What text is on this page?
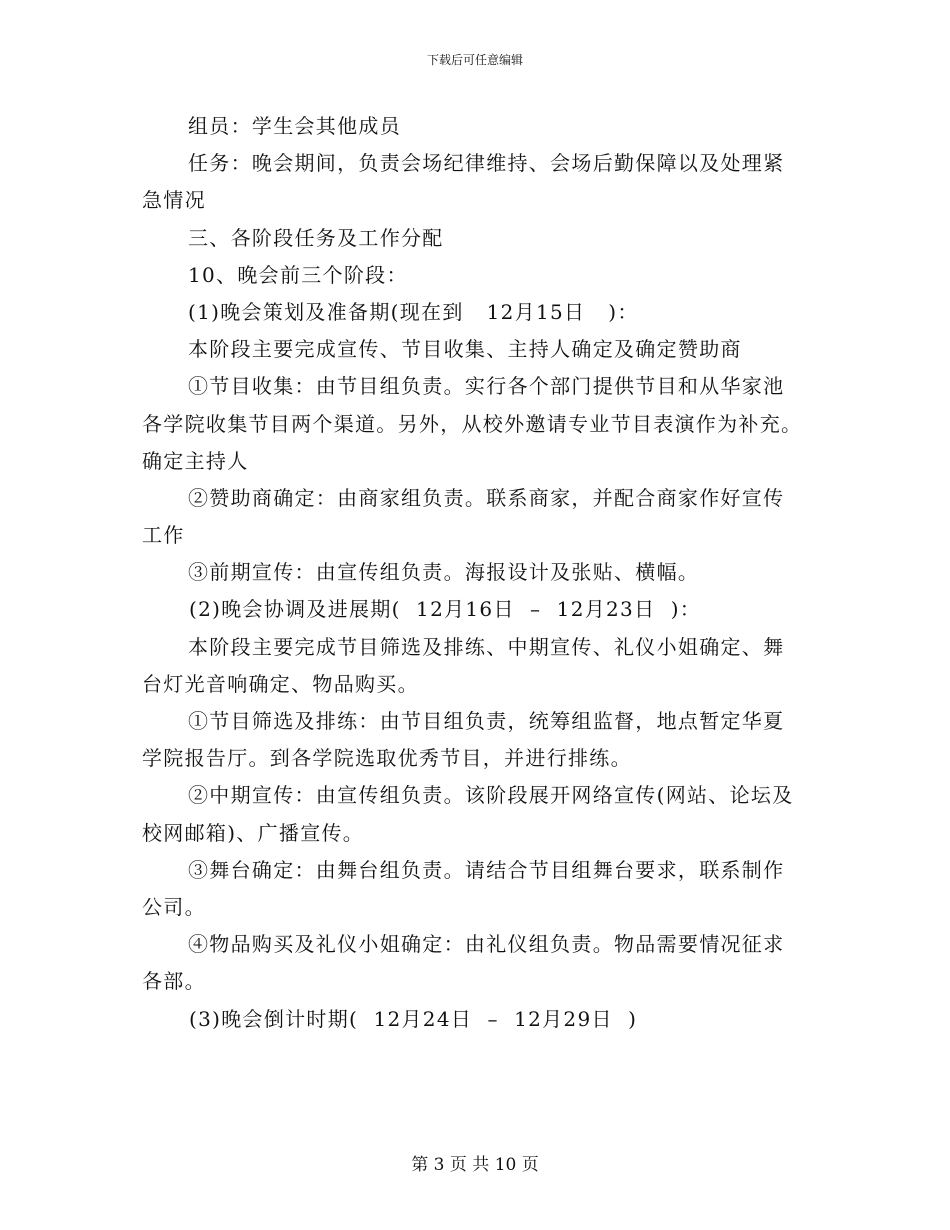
下载后可任意编辑
组员：学生会其他成员
任务：晚会期间，负责会场纪律维持、会场后勤保障以及处理紧
急情况
三、各阶段任务及工作分配
10、晚会前三个阶段：
(1)晚会策划及准备期(现在到   12月15日   )：
本阶段主要完成宣传、节目收集、主持人确定及确定赞助商
①节目收集：由节目组负责。实行各个部门提供节目和从华家池
各学院收集节目两个渠道。另外，从校外邀请专业节目表演作为补充。
确定主持人
②赞助商确定：由商家组负责。联系商家，并配合商家作好宣传
工作
③前期宣传：由宣传组负责。海报设计及张贴、横幅。
(2)晚会协调及进展期(  12月16日  –  12月23日  )：
本阶段主要完成节目筛选及排练、中期宣传、礼仪小姐确定、舞
台灯光音响确定、物品购买。
①节目筛选及排练：由节目组负责，统筹组监督，地点暂定华夏
学院报告厅。到各学院选取优秀节目，并进行排练。
②中期宣传：由宣传组负责。该阶段展开网络宣传(网站、论坛及
校网邮箱)、广播宣传。
③舞台确定：由舞台组负责。请结合节目组舞台要求，联系制作
公司。
④物品购买及礼仪小姐确定：由礼仪组负责。物品需要情况征求
各部。
(3)晚会倒计时期(  12月24日  –  12月29日  )
第 3 页 共 10 页
